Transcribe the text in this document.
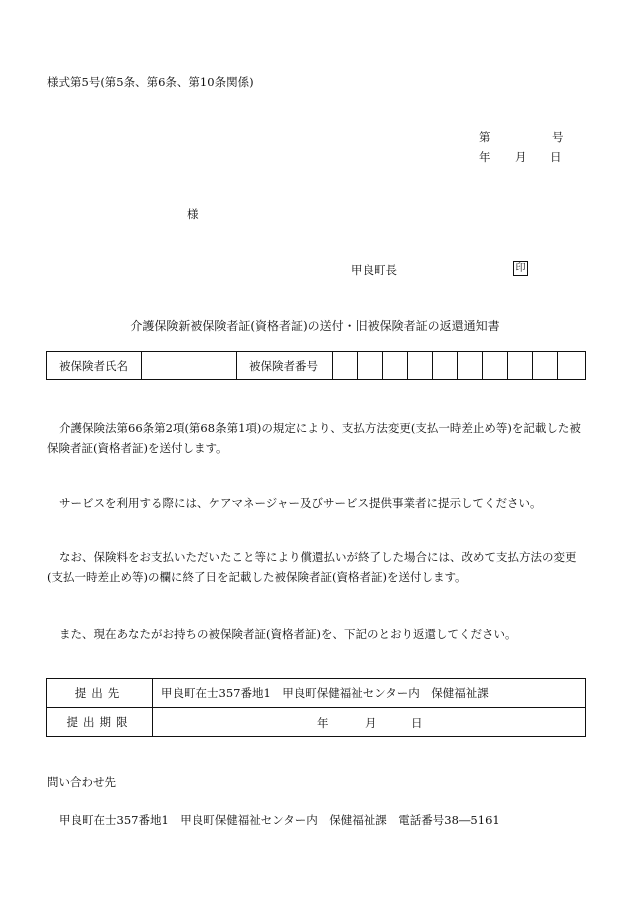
様式第5号(第5条、第6条、第10条関係)
第	号
年 月 日
様
甲良町長	印
介護保険新被保険者証(資格者証)の送付・旧被保険者証の返還通知書
被保険者氏名		被保険者番号										
介護保険法第66条第2項(第68条第1項)の規定により、支払方法変更(支払一時差止め等)を記載した被保険者証(資格者証)を送付します。
サービスを利用する際には、ケアマネージャー及びサービス提供事業者に提示してください。
なお、保険料をお支払いただいたこと等により償還払いが終了した場合には、改めて支払方法の変更(支払一時差止め等)の欄に終了日を記載した被保険者証(資格者証)を送付します。
また、現在あなたがお持ちの被保険者証(資格者証)を、下記のとおり返還してください。
提出先	甲良町在士357番地1　甲良町保健福祉センター内　保健福祉課
提出期限	年 月 日
問い合わせ先
甲良町在士357番地1　甲良町保健福祉センター内　保健福祉課　電話番号38―5161
